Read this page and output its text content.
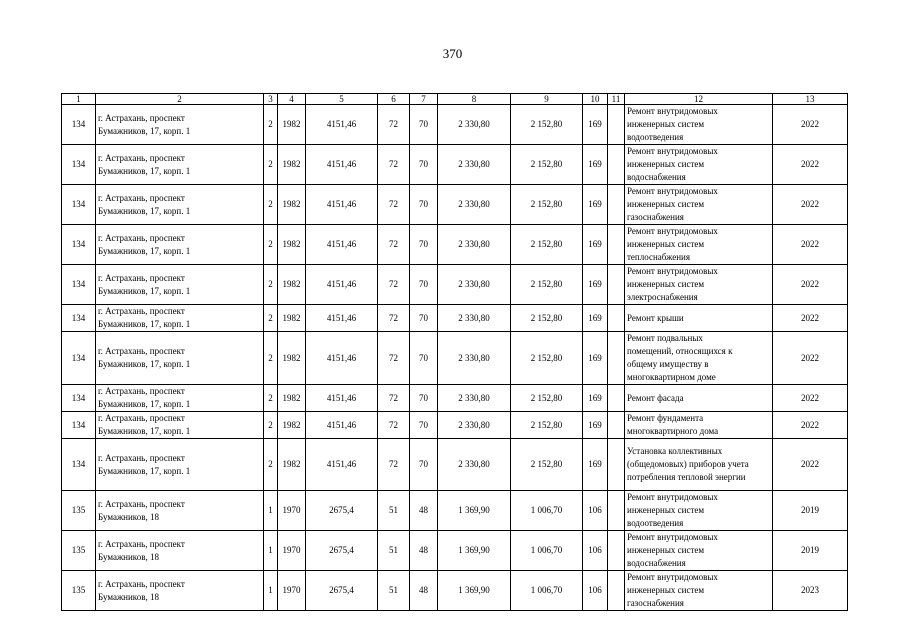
370
1	2	3	4	5	6	7	8	9	10	11	12	13
134	г. Астрахань, проспект
Бумажников, 17, корп. 1	2	1982	4151,46	72	70	2 330,80	2 152,80	169		Ремонт внутридомовых
инженерных систем
водоотведения	2022
134	г. Астрахань, проспект
Бумажников, 17, корп. 1	2	1982	4151,46	72	70	2 330,80	2 152,80	169		Ремонт внутридомовых
инженерных систем
водоснабжения	2022
134	г. Астрахань, проспект
Бумажников, 17, корп. 1	2	1982	4151,46	72	70	2 330,80	2 152,80	169		Ремонт внутридомовых
инженерных систем
газоснабжения	2022
134	г. Астрахань, проспект
Бумажников, 17, корп. 1	2	1982	4151,46	72	70	2 330,80	2 152,80	169		Ремонт внутридомовых
инженерных систем
теплоснабжения	2022
134	г. Астрахань, проспект
Бумажников, 17, корп. 1	2	1982	4151,46	72	70	2 330,80	2 152,80	169		Ремонт внутридомовых
инженерных систем
электроснабжения	2022
134	г. Астрахань, проспект
Бумажников, 17, корп. 1	2	1982	4151,46	72	70	2 330,80	2 152,80	169		Ремонт крыши	2022
134	г. Астрахань, проспект
Бумажников, 17, корп. 1	2	1982	4151,46	72	70	2 330,80	2 152,80	169		Ремонт подвальных
помещений, относящихся к
общему имуществу в
многоквартирном доме	2022
134	г. Астрахань, проспект
Бумажников, 17, корп. 1	2	1982	4151,46	72	70	2 330,80	2 152,80	169		Ремонт фасада	2022
134	г. Астрахань, проспект
Бумажников, 17, корп. 1	2	1982	4151,46	72	70	2 330,80	2 152,80	169		Ремонт фундамента
многоквартирного дома	2022
134	г. Астрахань, проспект
Бумажников, 17, корп. 1	2	1982	4151,46	72	70	2 330,80	2 152,80	169		Установка коллективных
(общедомовых) приборов учета
потребления тепловой энергии	2022
135	г. Астрахань, проспект
Бумажников, 18	1	1970	2675,4	51	48	1 369,90	1 006,70	106		Ремонт внутридомовых
инженерных систем
водоотведения	2019
135	г. Астрахань, проспект
Бумажников, 18	1	1970	2675,4	51	48	1 369,90	1 006,70	106		Ремонт внутридомовых
инженерных систем
водоснабжения	2019
135	г. Астрахань, проспект
Бумажников, 18	1	1970	2675,4	51	48	1 369,90	1 006,70	106		Ремонт внутридомовых
инженерных систем
газоснабжения	2023
